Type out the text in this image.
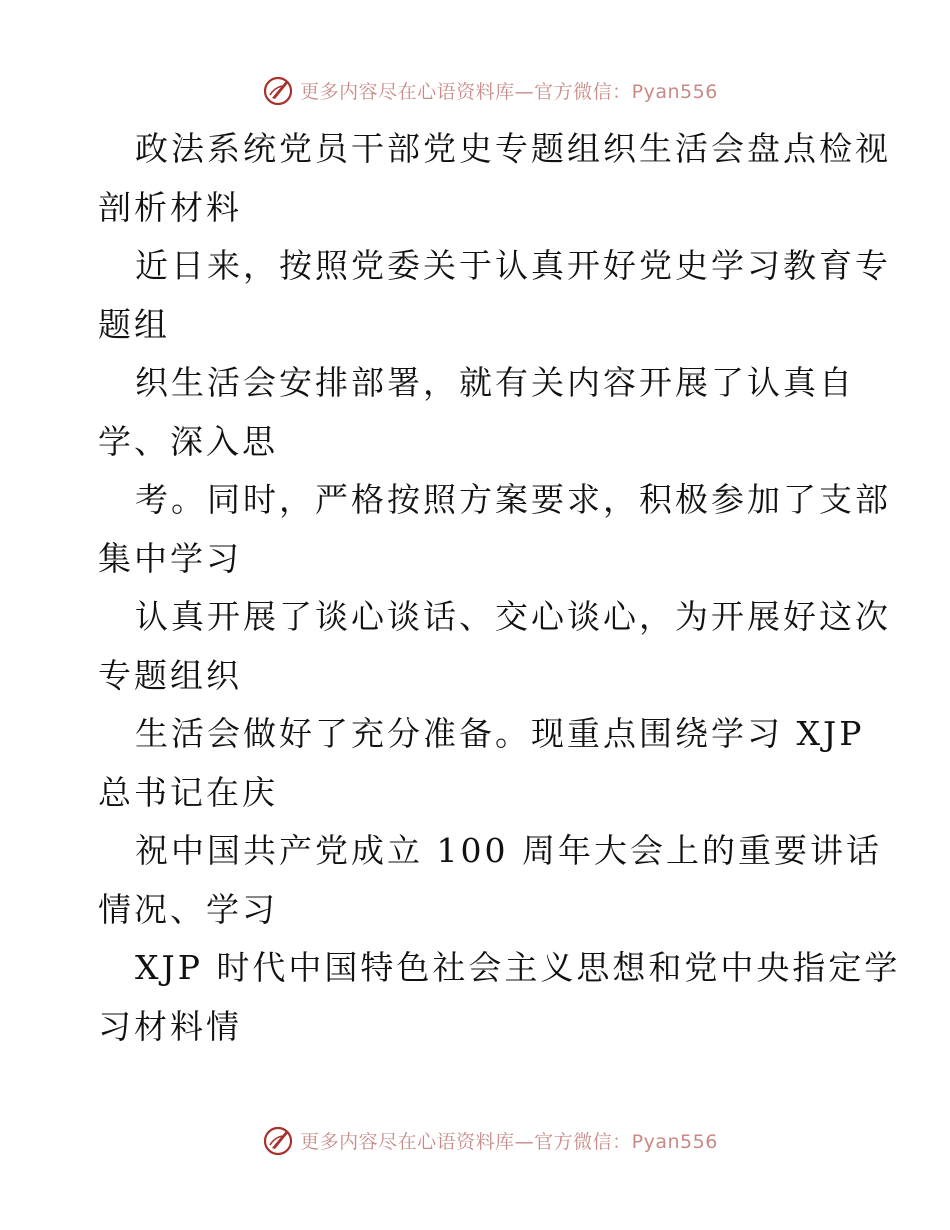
更多内容尽在心语资料库—官方微信：Pyan556
政法系统党员干部党史专题组织生活会盘点检视
剖析材料
近日来，按照党委关于认真开好党史学习教育专
题组
织生活会安排部署，就有关内容开展了认真自
学、深入思
考。同时，严格按照方案要求，积极参加了支部
集中学习
认真开展了谈心谈话、交心谈心，为开展好这次
专题组织
生活会做好了充分准备。现重点围绕学习 XJP
总书记在庆
祝中国共产党成立 100 周年大会上的重要讲话
情况、学习
XJP 时代中国特色社会主义思想和党中央指定学
习材料情
更多内容尽在心语资料库—官方微信：Pyan556
